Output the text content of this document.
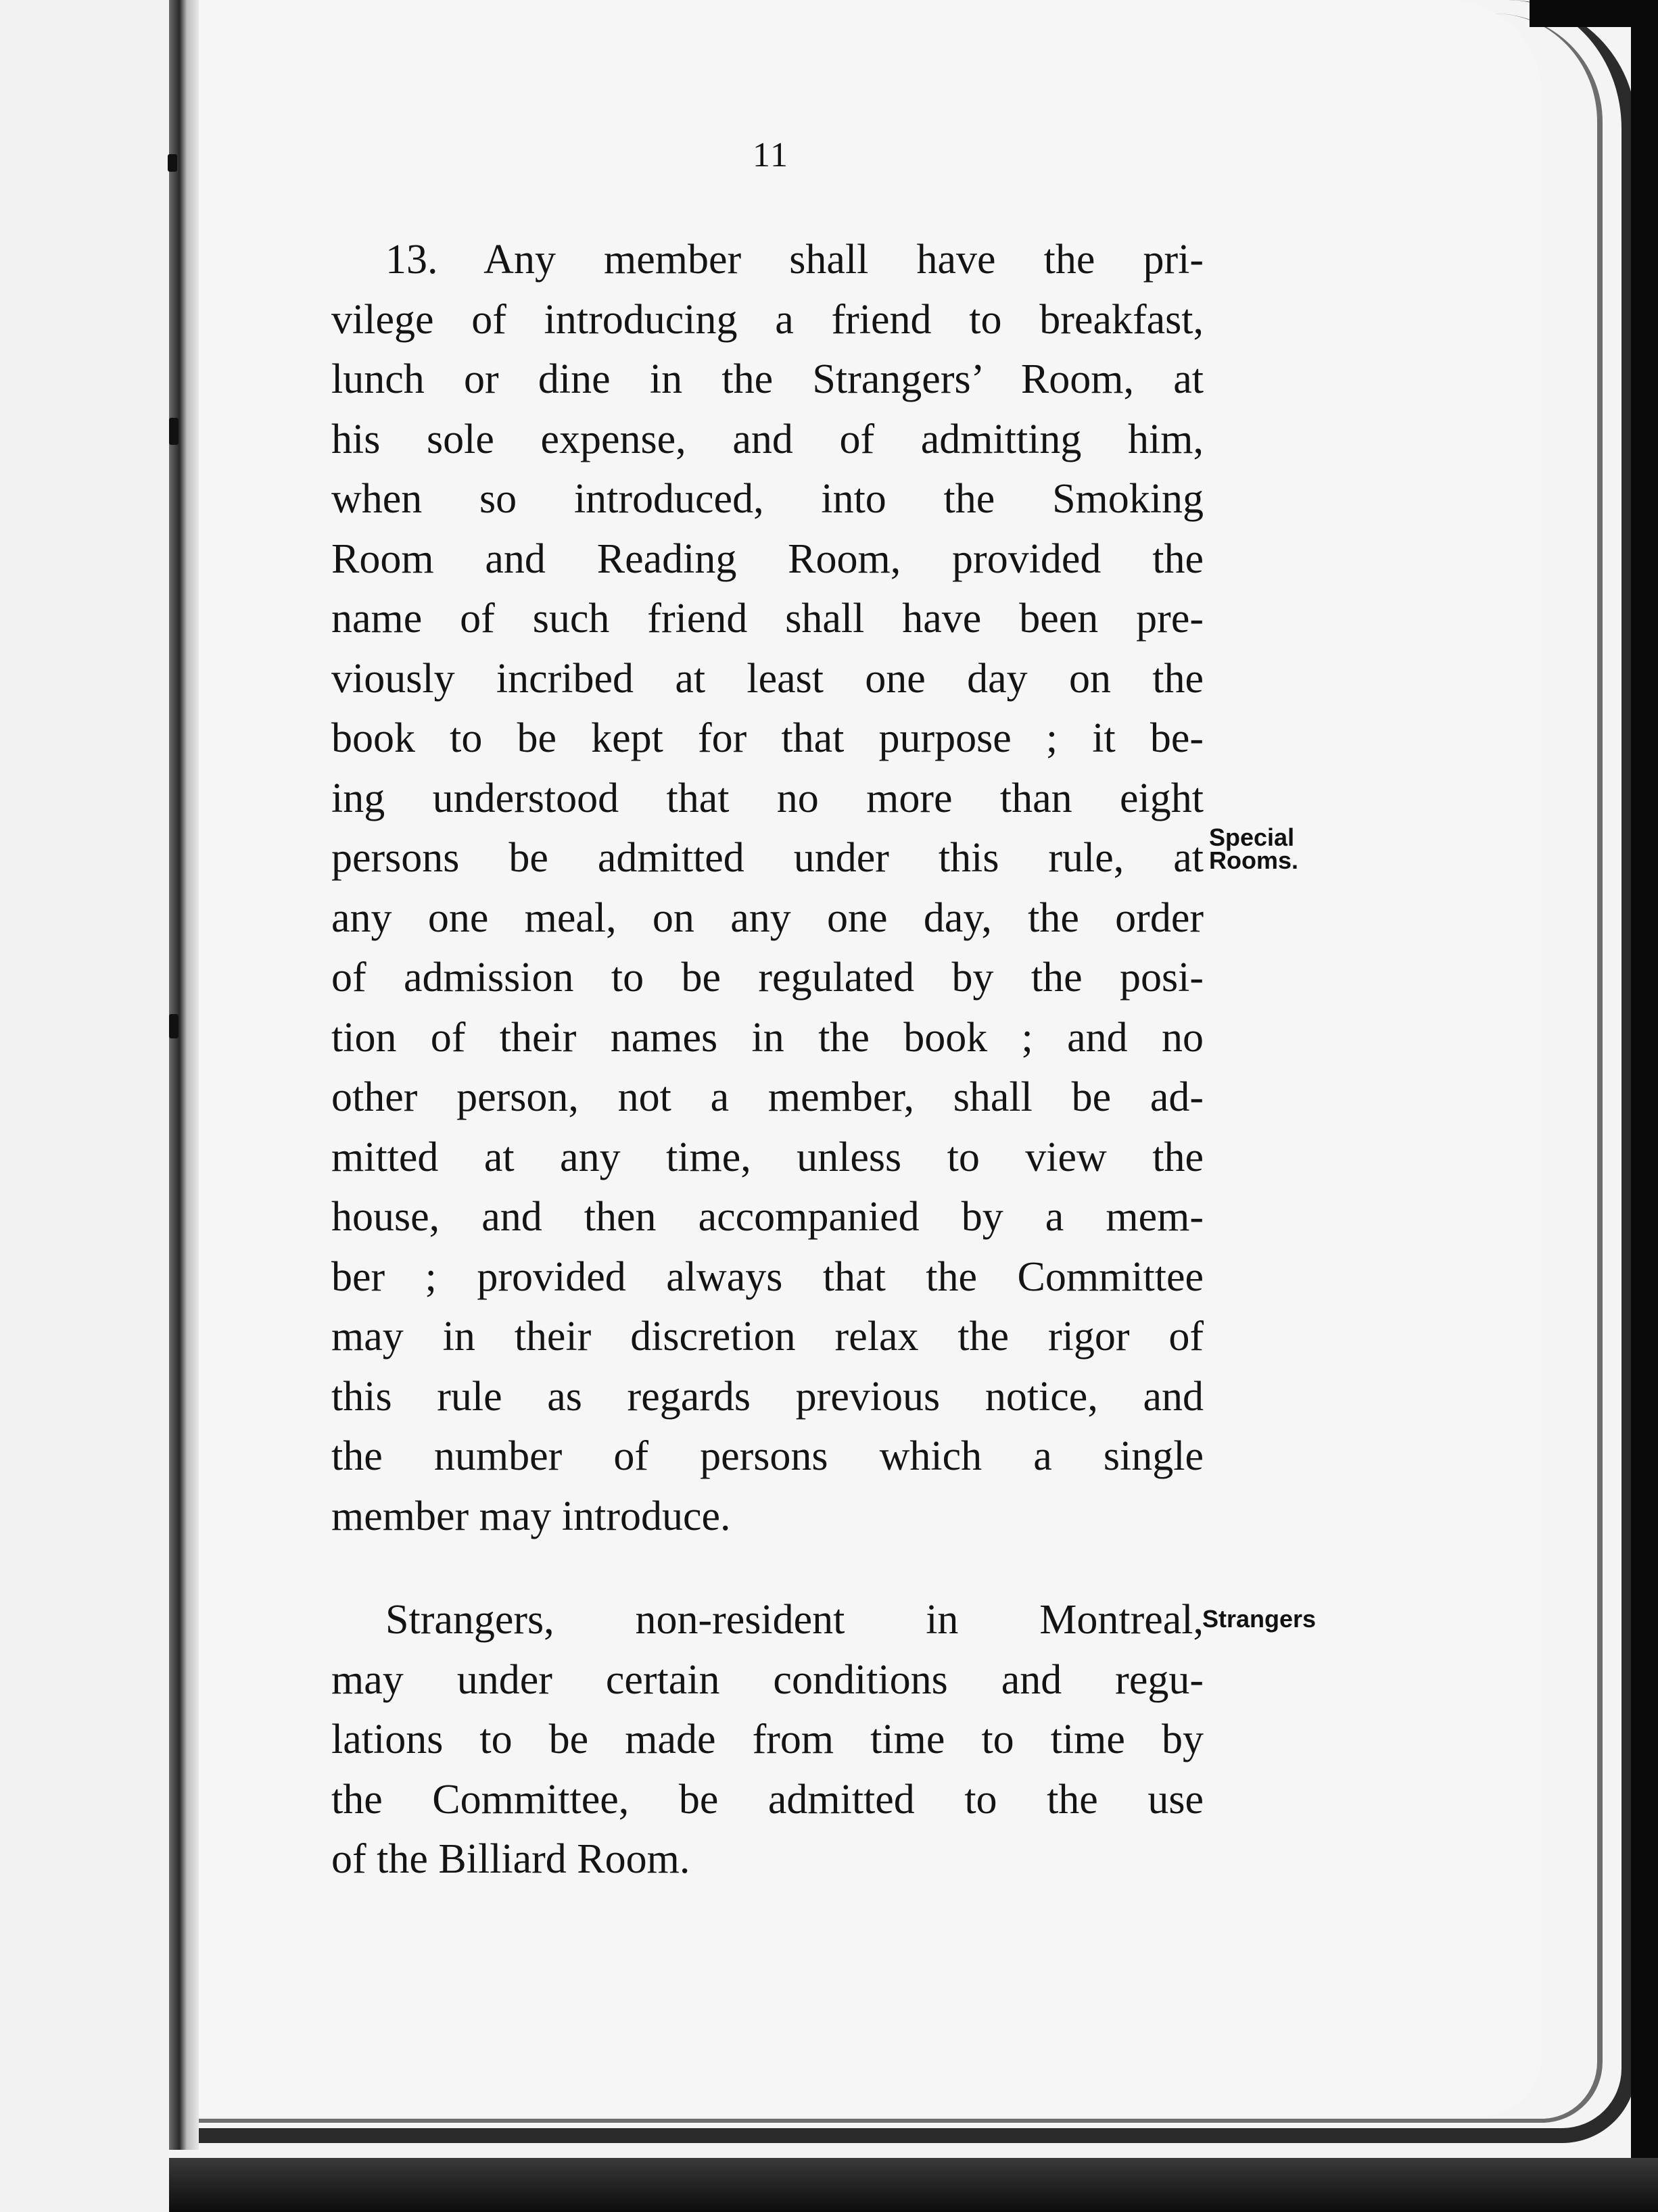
11
13. Any member shall have the pri-
vilege of introducing a friend to breakfast,
lunch or dine in the Strangers’ Room, at
his sole expense, and of admitting him,
when so introduced, into the Smoking
Room and Reading Room, provided the
name of such friend shall have been pre-
viously incribed at least one day on the
book to be kept for that purpose ; it be-
ing understood that no more than eight
persons be admitted under this rule, at
any one meal, on any one day, the order
of admission to be regulated by the posi-
tion of their names in the book ; and no
other person, not a member, shall be ad-
mitted at any time, unless to view the
house, and then accompanied by a mem-
ber ; provided always that the Committee
may in their discretion relax the rigor of
this rule as regards previous notice, and
the number of persons which a single
member may introduce.
Strangers, non-resident in Montreal,
may under certain conditions and regu-
lations to be made from time to time by
the Committee, be admitted to the use
of the Billiard Room.
Special
Rooms.
Strangers
